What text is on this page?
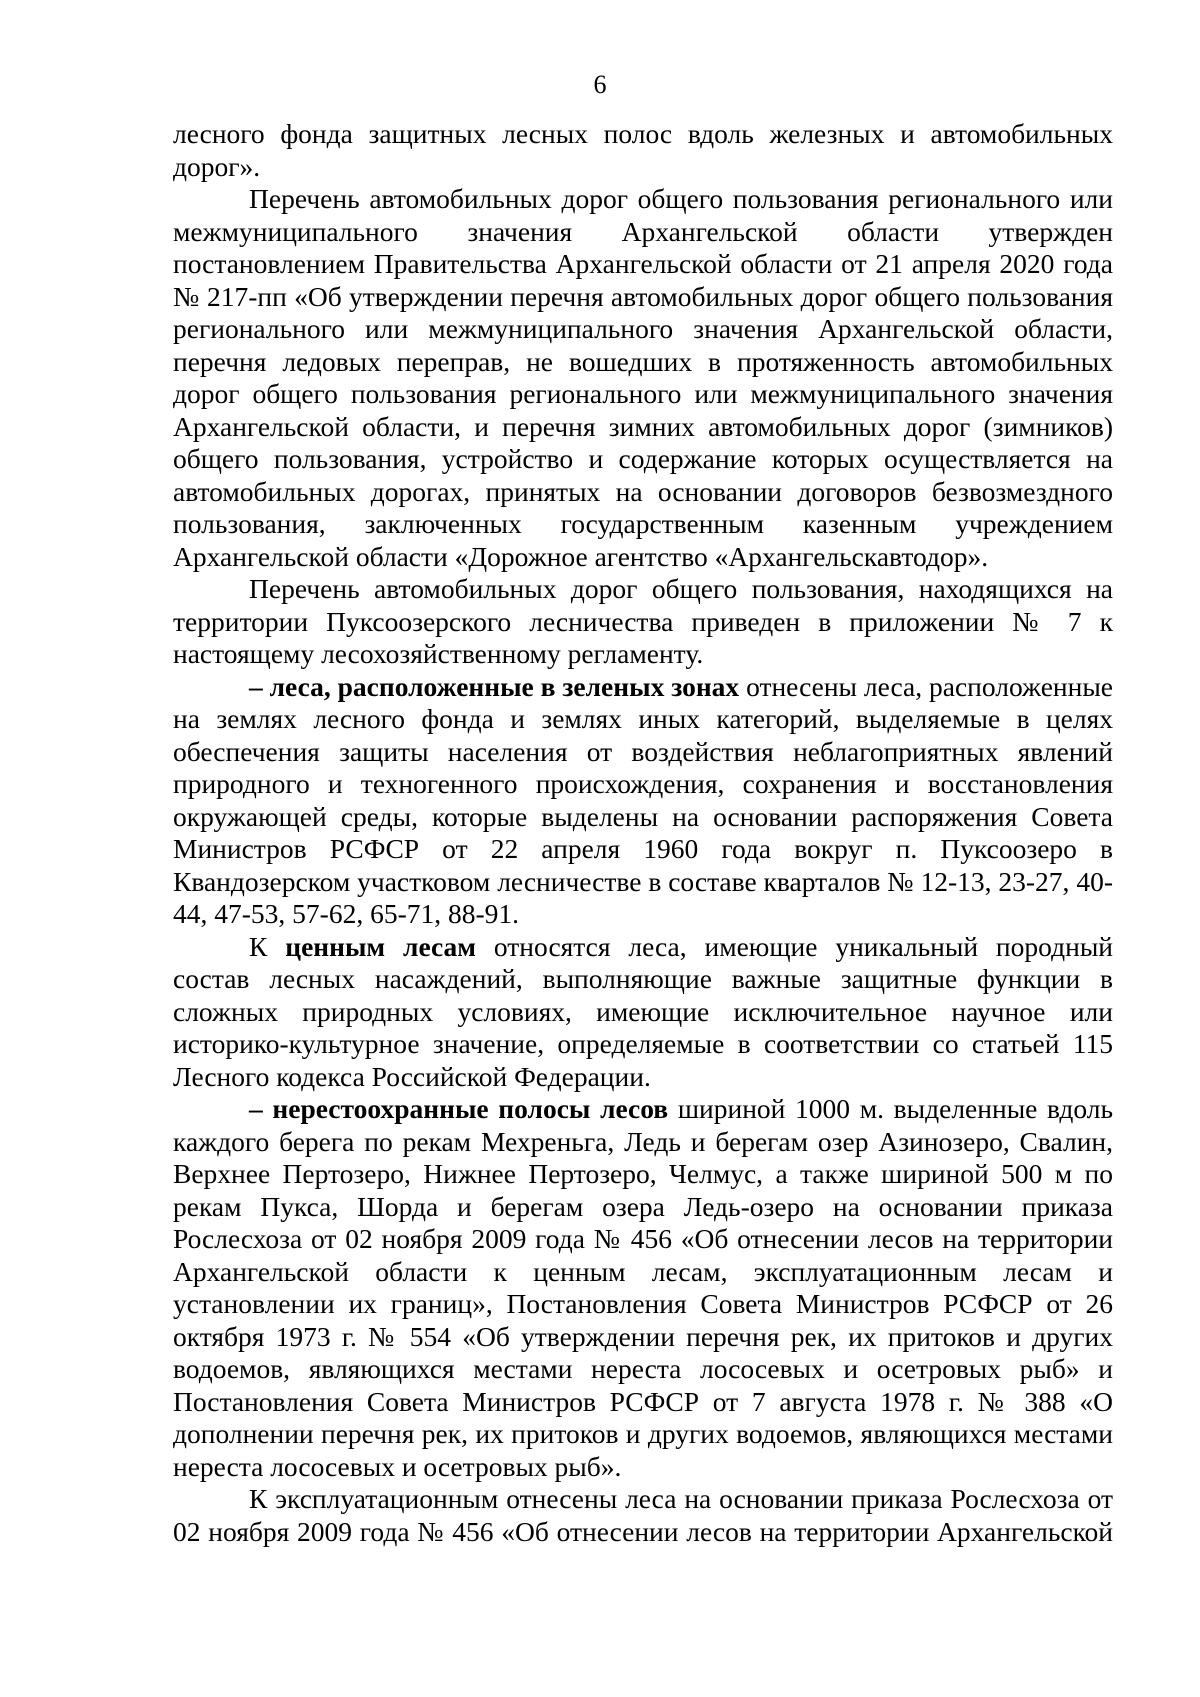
6

лесного фонда защитных лесных полос вдоль железных и автомобильных дорог».

Перечень автомобильных дорог общего пользования регионального или межмуниципального значения Архангельской области утвержден постановлением Правительства Архангельской области от 21 апреля 2020 года № 217-пп «Об утверждении перечня автомобильных дорог общего пользования регионального или межмуниципального значения Архангельской области, перечня ледовых переправ, не вошедших в протяженность автомобильных дорог общего пользования регионального или межмуниципального значения Архангельской области, и перечня зимних автомобильных дорог (зимников) общего пользования, устройство и содержание которых осуществляется на автомобильных дорогах, принятых на основании договоров безвозмездного пользования, заключенных государственным казенным учреждением Архангельской области «Дорожное агентство «Архангельскавтодор».

Перечень автомобильных дорог общего пользования, находящихся на территории Пуксоозерского лесничества приведен в приложении № 7 к настоящему лесохозяйственному регламенту.

– леса, расположенные в зеленых зонах отнесены леса, расположенные на землях лесного фонда и землях иных категорий, выделяемые в целях обеспечения защиты населения от воздействия неблагоприятных явлений природного и техногенного происхождения, сохранения и восстановления окружающей среды, которые выделены на основании распоряжения Совета Министров РСФСР от 22 апреля 1960 года вокруг п. Пуксоозеро в Квандозерском участковом лесничестве в составе кварталов № 12-13, 23-27, 40-44, 47-53, 57-62, 65-71, 88-91.

К ценным лесам относятся леса, имеющие уникальный породный состав лесных насаждений, выполняющие важные защитные функции в сложных природных условиях, имеющие исключительное научное или историко-культурное значение, определяемые в соответствии со статьей 115 Лесного кодекса Российской Федерации.

– нерестоохранные полосы лесов шириной 1000 м. выделенные вдоль каждого берега по рекам Мехреньга, Ледь и берегам озер Азинозеро, Свалин, Верхнее Пертозеро, Нижнее Пертозеро, Челмус, а также шириной 500 м по рекам Пукса, Шорда и берегам озера Ледь-озеро на основании приказа Рослесхоза от 02 ноября 2009 года № 456 «Об отнесении лесов на территории Архангельской области к ценным лесам, эксплуатационным лесам и установлении их границ», Постановления Совета Министров РСФСР от 26 октября 1973 г. № 554 «Об утверждении перечня рек, их притоков и других водоемов, являющихся местами нереста лососевых и осетровых рыб» и Постановления Совета Министров РСФСР от 7 августа 1978 г. № 388 «О дополнении перечня рек, их притоков и других водоемов, являющихся местами нереста лососевых и осетровых рыб».

К эксплуатационным отнесены леса на основании приказа Рослесхоза от 02 ноября 2009 года № 456 «Об отнесении лесов на территории Архангельской
